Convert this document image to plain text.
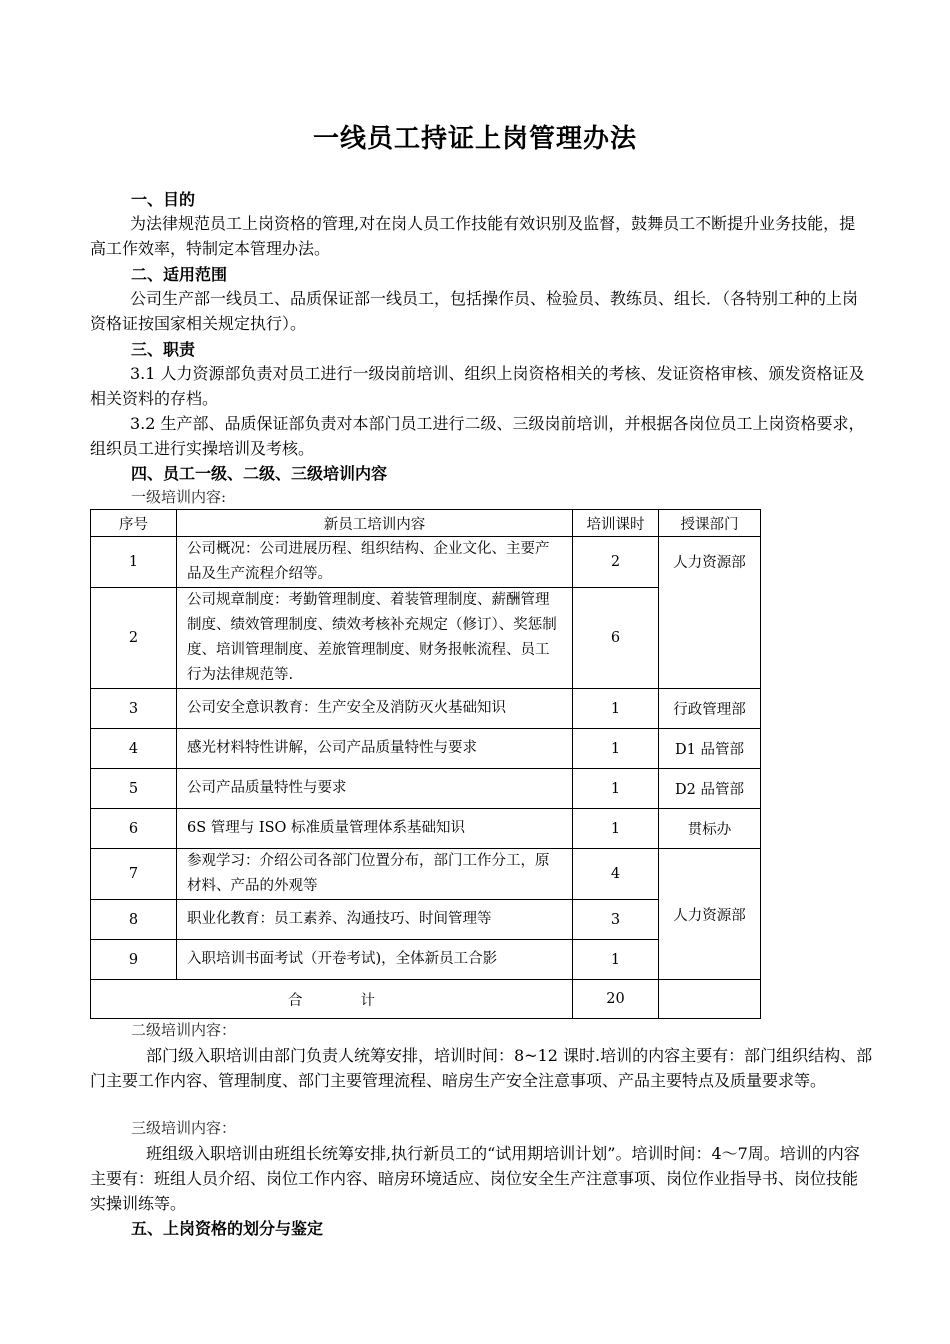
一线员工持证上岗管理办法
一、目的
为法律规范员工上岗资格的管理,对在岗人员工作技能有效识别及监督，鼓舞员工不断提升业务技能，提高工作效率，特制定本管理办法。
二、适用范围
公司生产部一线员工、品质保证部一线员工，包括操作员、检验员、教练员、组长．（各特别工种的上岗资格证按国家相关规定执行）。
三、职责
3.1 人力资源部负责对员工进行一级岗前培训、组织上岗资格相关的考核、发证资格审核、颁发资格证及相关资料的存档。
3.2 生产部、品质保证部负责对本部门员工进行二级、三级岗前培训，并根据各岗位员工上岗资格要求，组织员工进行实操培训及考核。
四、员工一级、二级、三级培训内容
一级培训内容:
序号	新员工培训内容	培训课时	授课部门
1	公司概况：公司进展历程、组织结构、企业文化、主要产品及生产流程介绍等。	2	人力资源部
2	公司规章制度：考勤管理制度、着装管理制度、薪酬管理制度、绩效管理制度、绩效考核补充规定（修订）、奖惩制度、培训管理制度、差旅管理制度、财务报帐流程、员工行为法律规范等.	6	
3	公司安全意识教育：生产安全及消防灭火基础知识	1	行政管理部
4	感光材料特性讲解，公司产品质量特性与要求	1	D1 品管部
5	公司产品质量特性与要求	1	D2 品管部
6	6S 管理与 ISO 标准质量管理体系基础知识	1	贯标办
7	参观学习：介绍公司各部门位置分布，部门工作分工，原材料、产品的外观等	4	人力资源部
8	职业化教育：员工素养、沟通技巧、时间管理等	3	
9	入职培训书面考试（开卷考试)，全体新员工合影	1	
合　　　　计		20	
二级培训内容：
部门级入职培训由部门负责人统筹安排，培训时间：8~12 课时.培训的内容主要有：部门组织结构、部门主要工作内容、管理制度、部门主要管理流程、暗房生产安全注意事项、产品主要特点及质量要求等。
三级培训内容：
班组级入职培训由班组长统筹安排,执行新员工的“试用期培训计划”。培训时间：4～7周。培训的内容主要有：班组人员介绍、岗位工作内容、暗房环境适应、岗位安全生产注意事项、岗位作业指导书、岗位技能实操训练等。
五、上岗资格的划分与鉴定
